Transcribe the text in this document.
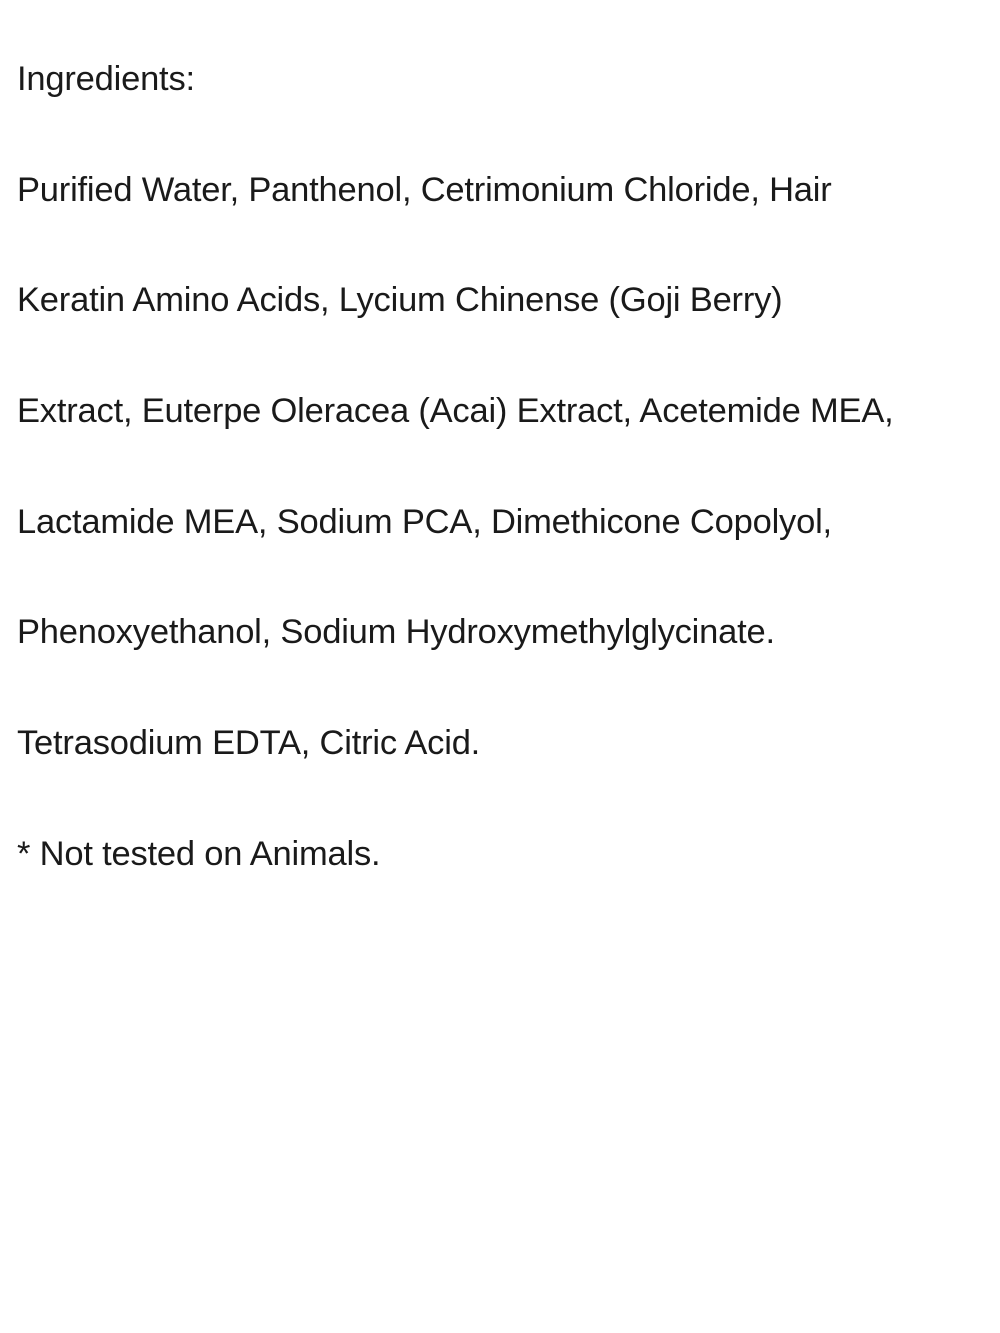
Ingredients:

Purified Water, Panthenol, Cetrimonium Chloride, Hair

Keratin Amino Acids, Lycium Chinense (Goji Berry)

Extract, Euterpe Oleracea (Acai) Extract, Acetemide MEA,

Lactamide MEA, Sodium PCA, Dimethicone Copolyol,

Phenoxyethanol, Sodium Hydroxymethylglycinate.

Tetrasodium EDTA, Citric Acid.

* Not tested on Animals.
